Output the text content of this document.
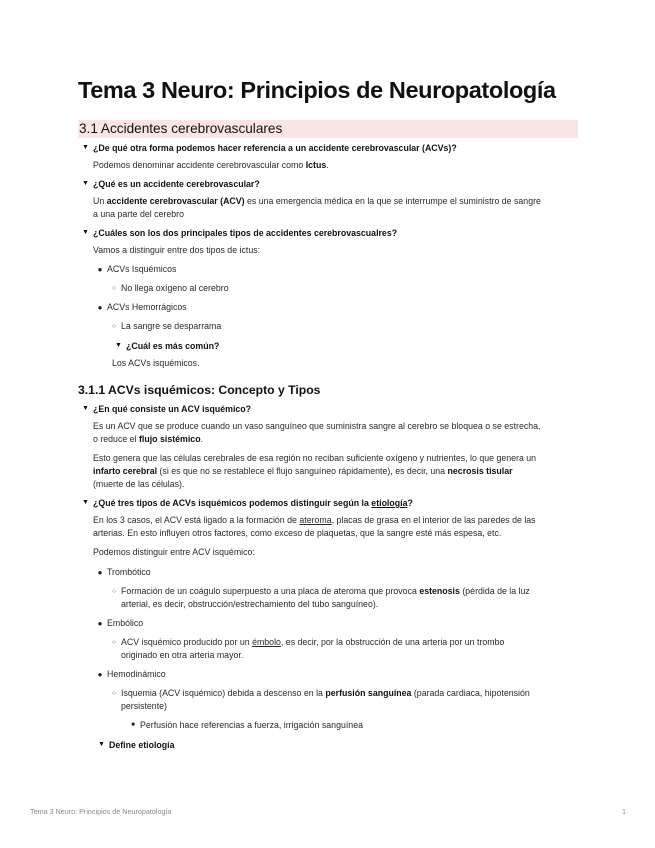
Tema 3 Neuro: Principios de Neuropatología
3.1 Accidentes cerebrovasculares
▼ ¿De qué otra forma podemos hacer referencia a un accidente cerebrovascular (ACVs)?

Podemos denominar accidente cerebrovascular como Ictus.

▼ ¿Qué es un accidente cerebrovascular?

Un accidente cerebrovascular (ACV) es una emergencia médica en la que se interrumpe el suministro de sangre
a una parte del cerebro

▼ ¿Cuáles son los dos principales tipos de accidentes cerebrovascualres?

Vamos a distinguir entre dos tipos de ictus:

● ACVs Isquémicos
○ No llega oxígeno al cerebro
● ACVs Hemorrágicos
○ La sangre se desparrama
▼ ¿Cuál es más común?

Los ACVs isquémicos.

3.1.1 ACVs isquémicos: Concepto y Tipos
▼ ¿En qué consiste un ACV isquémico?

Es un ACV que se produce cuando un vaso sanguíneo que suministra sangre al cerebro se bloquea o se estrecha,
o reduce el flujo sistémico.

Esto genera que las células cerebrales de esa región no reciban suficiente oxígeno y nutrientes, lo que genera un
infarto cerebral (si es que no se restablece el flujo sanguíneo rápidamente), es decir, una necrosis tisular
(muerte de las células).

▼ ¿Qué tres tipos de ACVs isquémicos podemos distinguir según la etiología?

En los 3 casos, el ACV está ligado a la formación de ateroma, placas de grasa en el interior de las paredes de las
arterias. En esto influyen otros factores, como exceso de plaquetas, que la sangre esté más espesa, etc.

Podemos distinguir entre ACV isquémico:

● Trombótico
○ Formación de un coágulo superpuesto a una placa de ateroma que provoca estenosis (pérdida de la luz
arterial, es decir, obstrucción/estrechamiento del tubo sanguíneo).
● Embólico
○ ACV isquémico producido por un émbolo, es decir, por la obstrucción de una arteria por un trombo
originado en otra arteria mayor.
● Hemodinámico
○ Isquemia (ACV isquémico) debida a descenso en la perfusión sanguínea (parada cardiaca, hipotensión
persistente)
■ Perfusión hace referencias a fuerza, irrigación sanguínea
▼ Define etiología
Tema 3 Neuro: Principios de Neuropatología	1
